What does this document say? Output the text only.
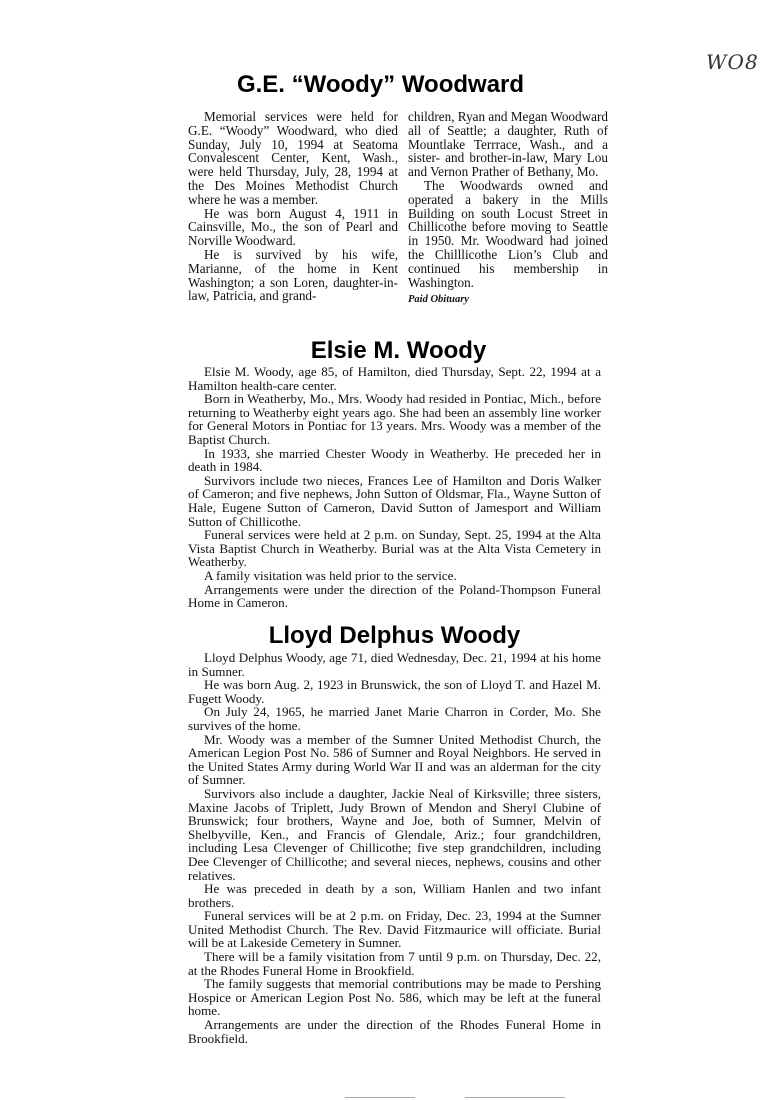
WO8
G.E. “Woody” Woodward

Memorial services were held for G.E. “Woody” Woodward, who died Sunday, July 10, 1994 at Seatoma Convalescent Center, Kent, Wash., were held Thursday, July, 28, 1994 at the Des Moines Methodist Church where he was a member.

He was born August 4, 1911 in Cainsville, Mo., the son of Pearl and Norville Woodward.

He is survived by his wife, Marianne, of the home in Kent Washington; a son Loren, daughter-in-law, Patricia, and grand-

children, Ryan and Megan Woodward all of Seattle; a daughter, Ruth of Mountlake Terrrace, Wash., and a sister- and brother-in-law, Mary Lou and Vernon Prather of Bethany, Mo.

The Woodwards owned and operated a bakery in the Mills Building on south Locust Street in Chillicothe before moving to Seattle in 1950. Mr. Woodward had joined the Chilllicothe Lion’s Club and continued his membership in Washington.

Paid Obituary

Elsie M. Woody

Elsie M. Woody, age 85, of Hamilton, died Thursday, Sept. 22, 1994 at a Hamilton health-care center.

Born in Weatherby, Mo., Mrs. Woody had resided in Pontiac, Mich., before returning to Weatherby eight years ago. She had been an assembly line worker for General Motors in Pontiac for 13 years. Mrs. Woody was a member of the Baptist Church.

In 1933, she married Chester Woody in Weatherby. He preceded her in death in 1984.

Survivors include two nieces, Frances Lee of Hamilton and Doris Walker of Cameron; and five nephews, John Sutton of Oldsmar, Fla., Wayne Sutton of Hale, Eugene Sutton of Cameron, David Sutton of Jamesport and William Sutton of Chillicothe.

Funeral services were held at 2 p.m. on Sunday, Sept. 25, 1994 at the Alta Vista Baptist Church in Weatherby. Burial was at the Alta Vista Cemetery in Weatherby.

A family visitation was held prior to the service.

Arrangements were under the direction of the Poland-Thompson Funeral Home in Cameron.

Lloyd Delphus Woody

Lloyd Delphus Woody, age 71, died Wednesday, Dec. 21, 1994 at his home in Sumner.

He was born Aug. 2, 1923 in Brunswick, the son of Lloyd T. and Hazel M. Fugett Woody.

On July 24, 1965, he married Janet Marie Charron in Corder, Mo. She survives of the home.

Mr. Woody was a member of the Sumner United Methodist Church, the American Legion Post No. 586 of Sumner and Royal Neighbors. He served in the United States Army during World War II and was an alderman for the city of Sumner.

Survivors also include a daughter, Jackie Neal of Kirksville; three sisters, Maxine Jacobs of Triplett, Judy Brown of Mendon and Sheryl Clubine of Brunswick; four brothers, Wayne and Joe, both of Sumner, Melvin of Shelbyville, Ken., and Francis of Glendale, Ariz.; four grandchildren, including Lesa Clevenger of Chillicothe; five step grandchildren, including Dee Clevenger of Chillicothe; and several nieces, nephews, cousins and other relatives.

He was preceded in death by a son, William Hanlen and two infant brothers.

Funeral services will be at 2 p.m. on Friday, Dec. 23, 1994 at the Sumner United Methodist Church. The Rev. David Fitzmaurice will officiate. Burial will be at Lakeside Cemetery in Sumner.

There will be a family visitation from 7 until 9 p.m. on Thursday, Dec. 22, at the Rhodes Funeral Home in Brookfield.

The family suggests that memorial contributions may be made to Pershing Hospice or American Legion Post No. 586, which may be left at the funeral home.

Arrangements are under the direction of the Rhodes Funeral Home in Brookfield.
